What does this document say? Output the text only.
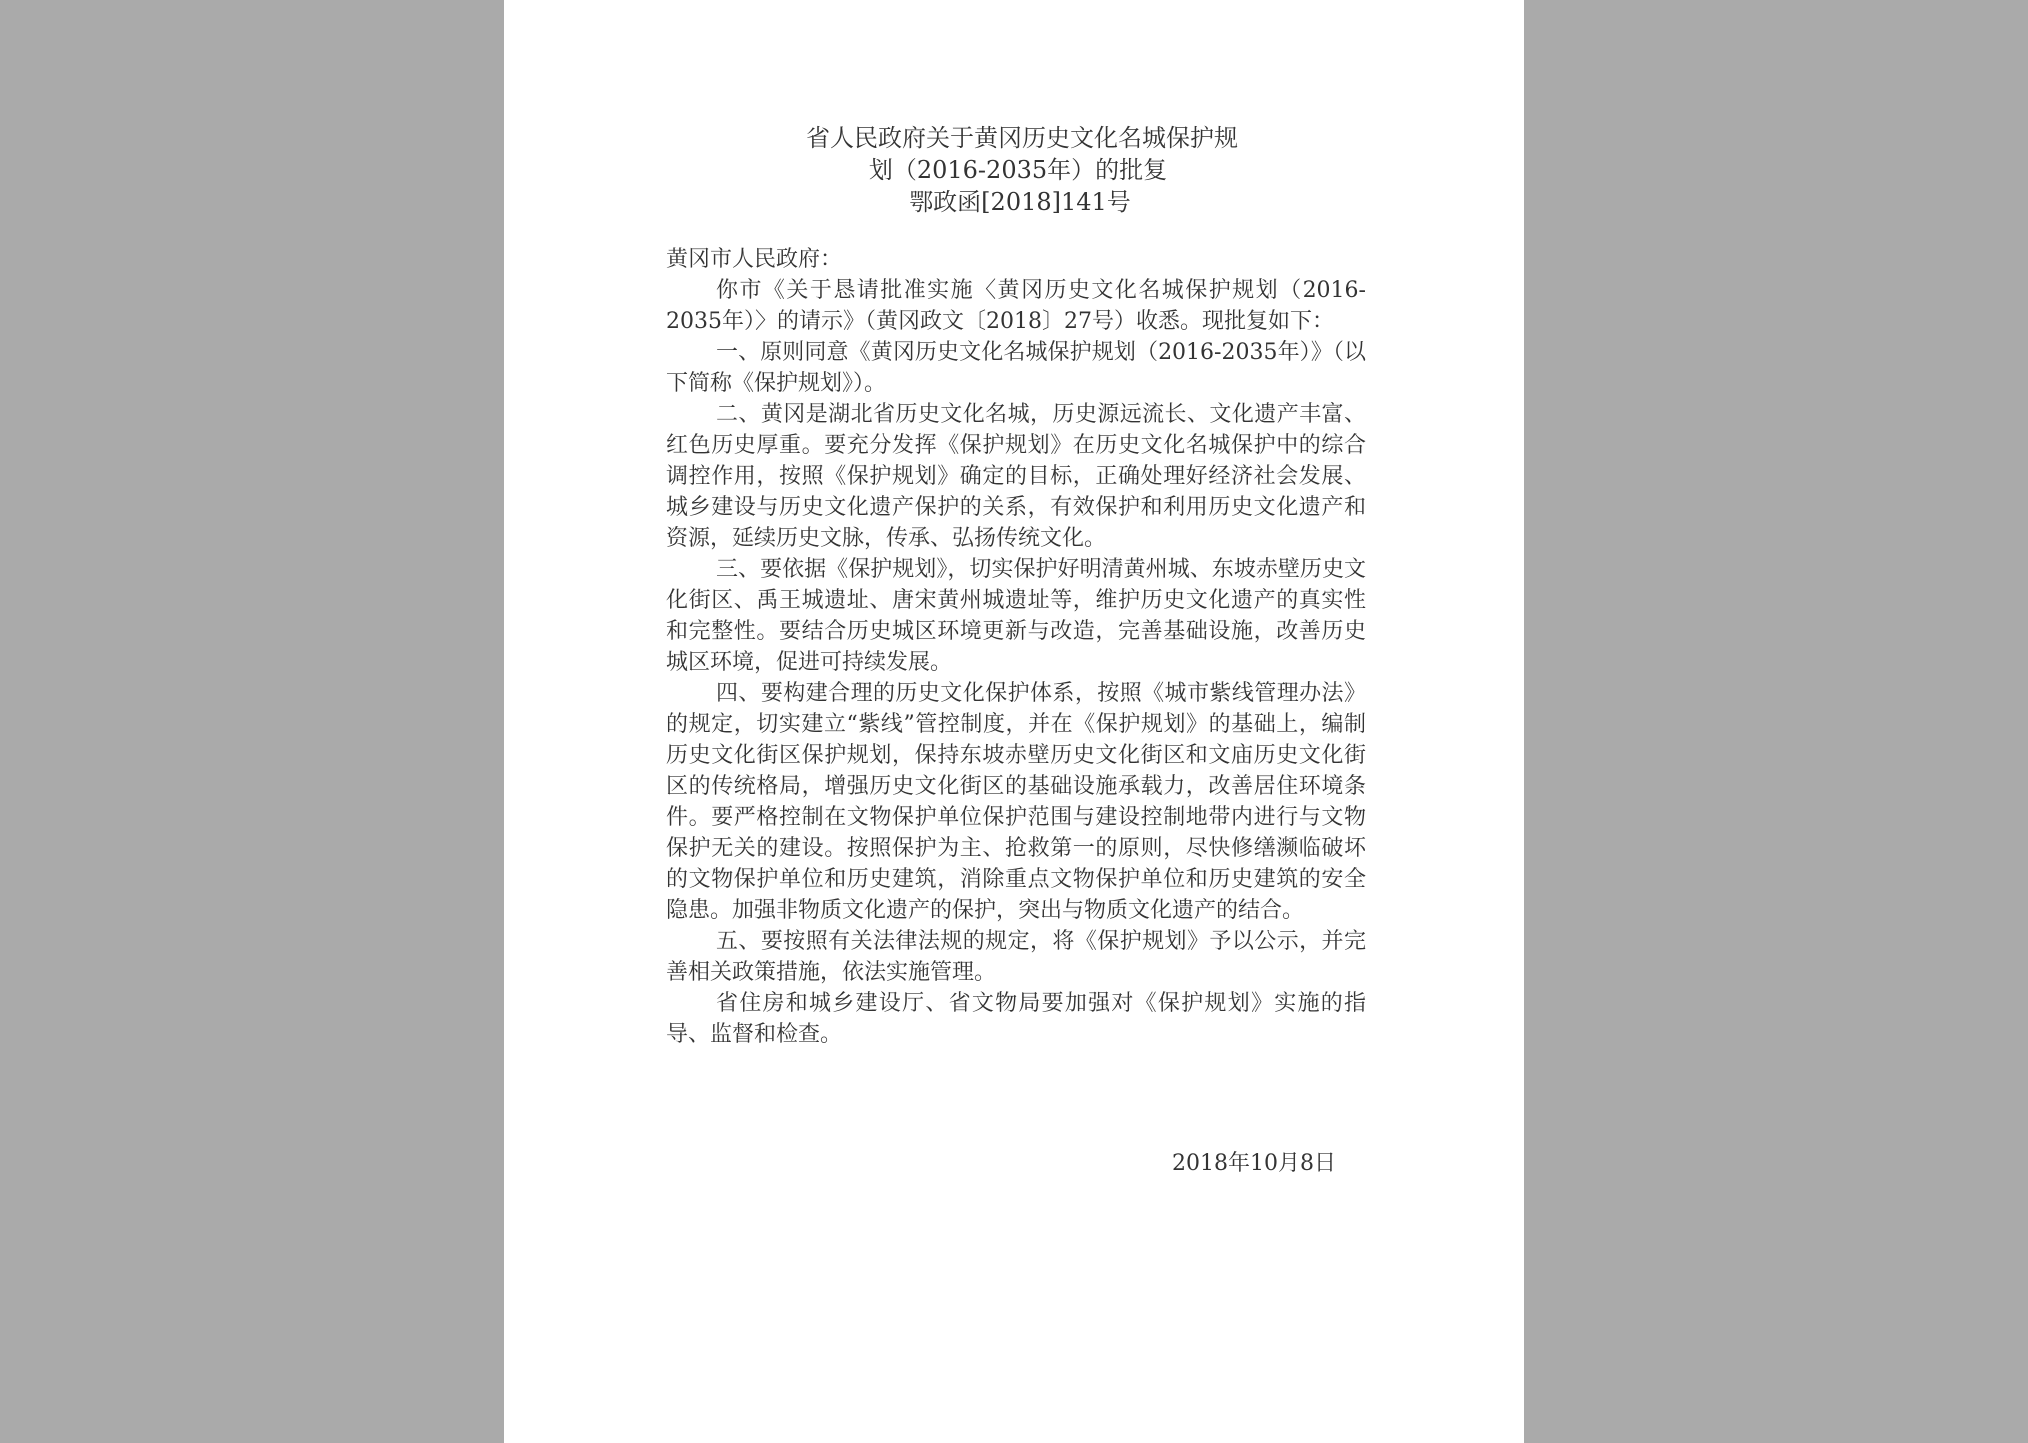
省人民政府关于黄冈历史文化名城保护规
划（2016-2035年）的批复
鄂政函[2018]141号
黄冈市人民政府：
你市《关于恳请批准实施〈黄冈历史文化名城保护规划（2016-2035年）〉的请示》（黄冈政文〔2018〕27号）收悉。现批复如下：
一、原则同意《黄冈历史文化名城保护规划（2016-2035年）》（以下简称《保护规划》）。
二、黄冈是湖北省历史文化名城，历史源远流长、文化遗产丰富、红色历史厚重。要充分发挥《保护规划》在历史文化名城保护中的综合调控作用，按照《保护规划》确定的目标，正确处理好经济社会发展、城乡建设与历史文化遗产保护的关系，有效保护和利用历史文化遗产和资源，延续历史文脉，传承、弘扬传统文化。
三、要依据《保护规划》，切实保护好明清黄州城、东坡赤壁历史文化街区、禹王城遗址、唐宋黄州城遗址等，维护历史文化遗产的真实性和完整性。要结合历史城区环境更新与改造，完善基础设施，改善历史城区环境，促进可持续发展。
四、要构建合理的历史文化保护体系，按照《城市紫线管理办法》的规定，切实建立“紫线”管控制度，并在《保护规划》的基础上，编制历史文化街区保护规划，保持东坡赤壁历史文化街区和文庙历史文化街区的传统格局，增强历史文化街区的基础设施承载力，改善居住环境条件。要严格控制在文物保护单位保护范围与建设控制地带内进行与文物保护无关的建设。按照保护为主、抢救第一的原则，尽快修缮濒临破坏的文物保护单位和历史建筑，消除重点文物保护单位和历史建筑的安全隐患。加强非物质文化遗产的保护，突出与物质文化遗产的结合。
五、要按照有关法律法规的规定，将《保护规划》予以公示，并完善相关政策措施，依法实施管理。
省住房和城乡建设厅、省文物局要加强对《保护规划》实施的指导、监督和检查。
2018年10月8日
